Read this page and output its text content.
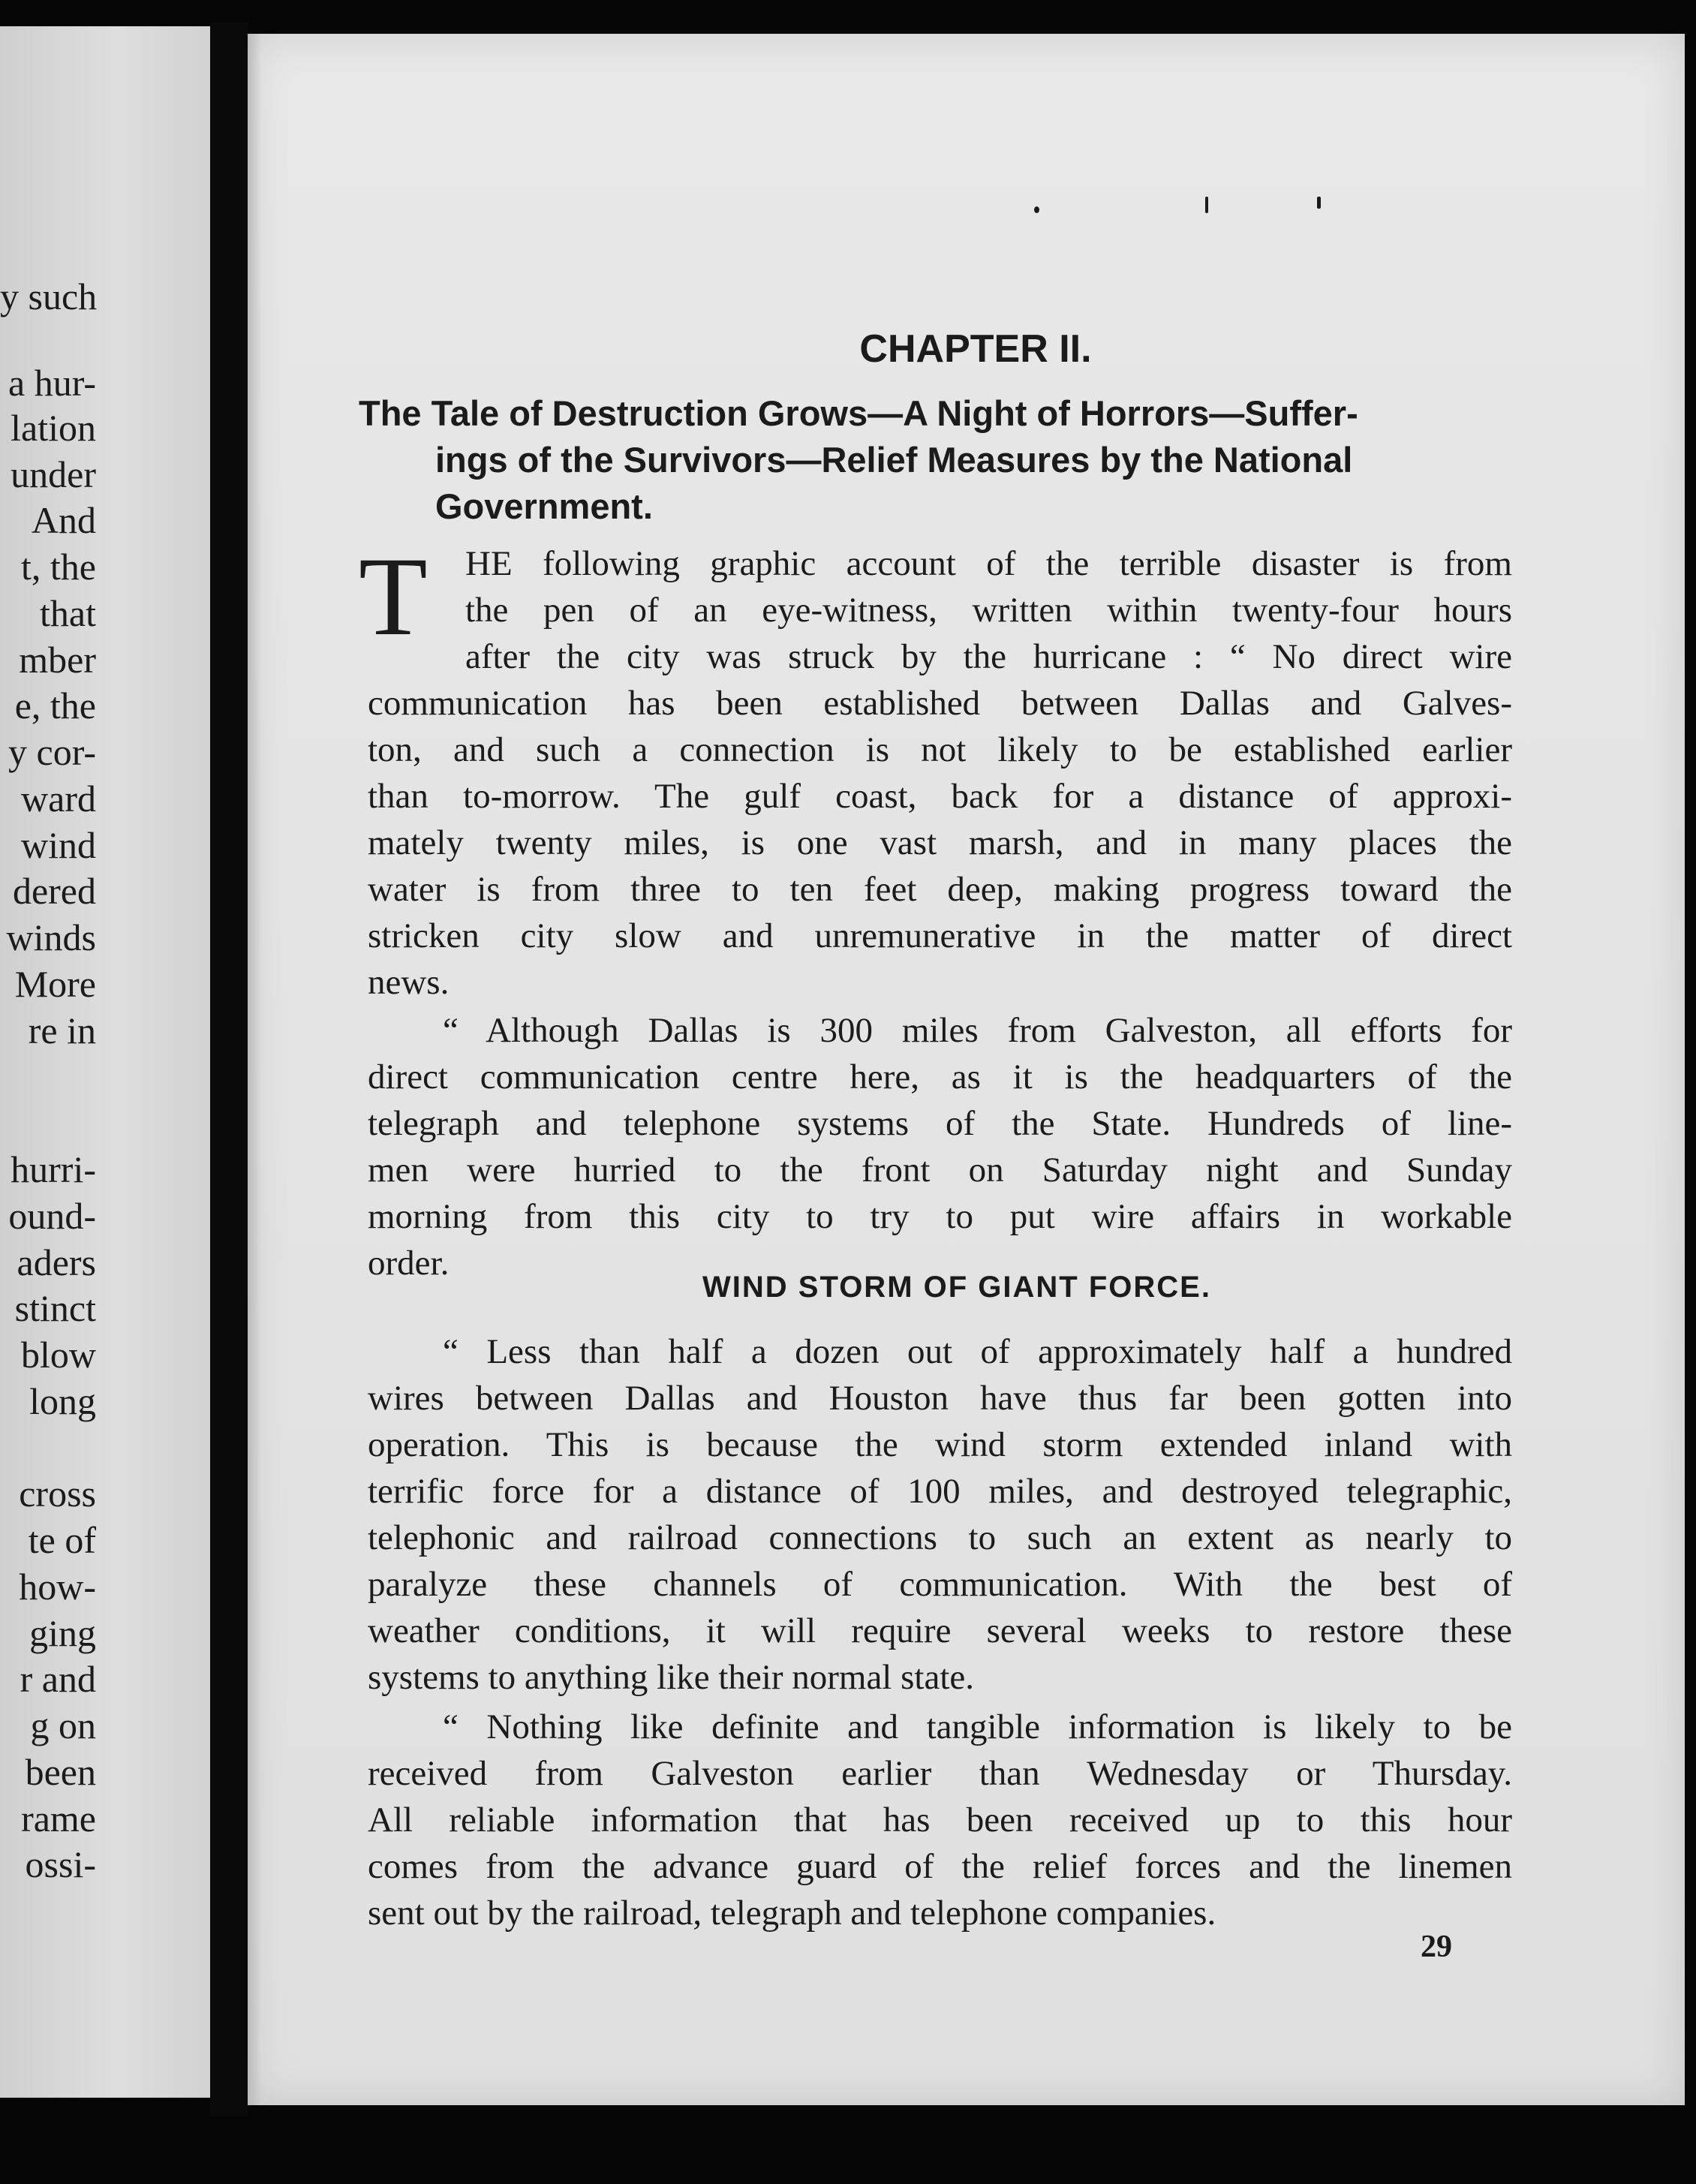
y such
a hur-
lation
under
And
t, the
that
mber
e, the
y cor-
ward
wind
dered
winds
More
re in
hurri-
ound-
aders
stinct
blow
long
cross
te of
how-
ging
r and
g on
been
rame
ossi-
CHAPTER II.
The Tale of Destruction Grows—A Night of Horrors—Suffer-
ings of the Survivors—Relief Measures by the National
Government.
T	HE following graphic account of the terrible disaster is from
the pen of an eye-witness, written within twenty-four hours
after the city was struck by the hurricane : “ No direct wire
communication has been established between Dallas and Galves-
ton, and such a connection is not likely to be established earlier
than to-morrow. The gulf coast, back for a distance of approxi-
mately twenty miles, is one vast marsh, and in many places the
water is from three to ten feet deep, making progress toward the
stricken city slow and unremunerative in the matter of direct
news.
“ Although Dallas is 300 miles from Galveston, all efforts for
direct communication centre here, as it is the headquarters of the
telegraph and telephone systems of the State. Hundreds of line-
men were hurried to the front on Saturday night and Sunday
morning from this city to try to put wire affairs in workable
order.
WIND STORM OF GIANT FORCE.
“ Less than half a dozen out of approximately half a hundred
wires between Dallas and Houston have thus far been gotten into
operation. This is because the wind storm extended inland with
terrific force for a distance of 100 miles, and destroyed telegraphic,
telephonic and railroad connections to such an extent as nearly to
paralyze these channels of communication. With the best of
weather conditions, it will require several weeks to restore these
systems to anything like their normal state.
“ Nothing like definite and tangible information is likely to be
received from Galveston earlier than Wednesday or Thursday.
All reliable information that has been received up to this hour
comes from the advance guard of the relief forces and the linemen
sent out by the railroad, telegraph and telephone companies.
29
